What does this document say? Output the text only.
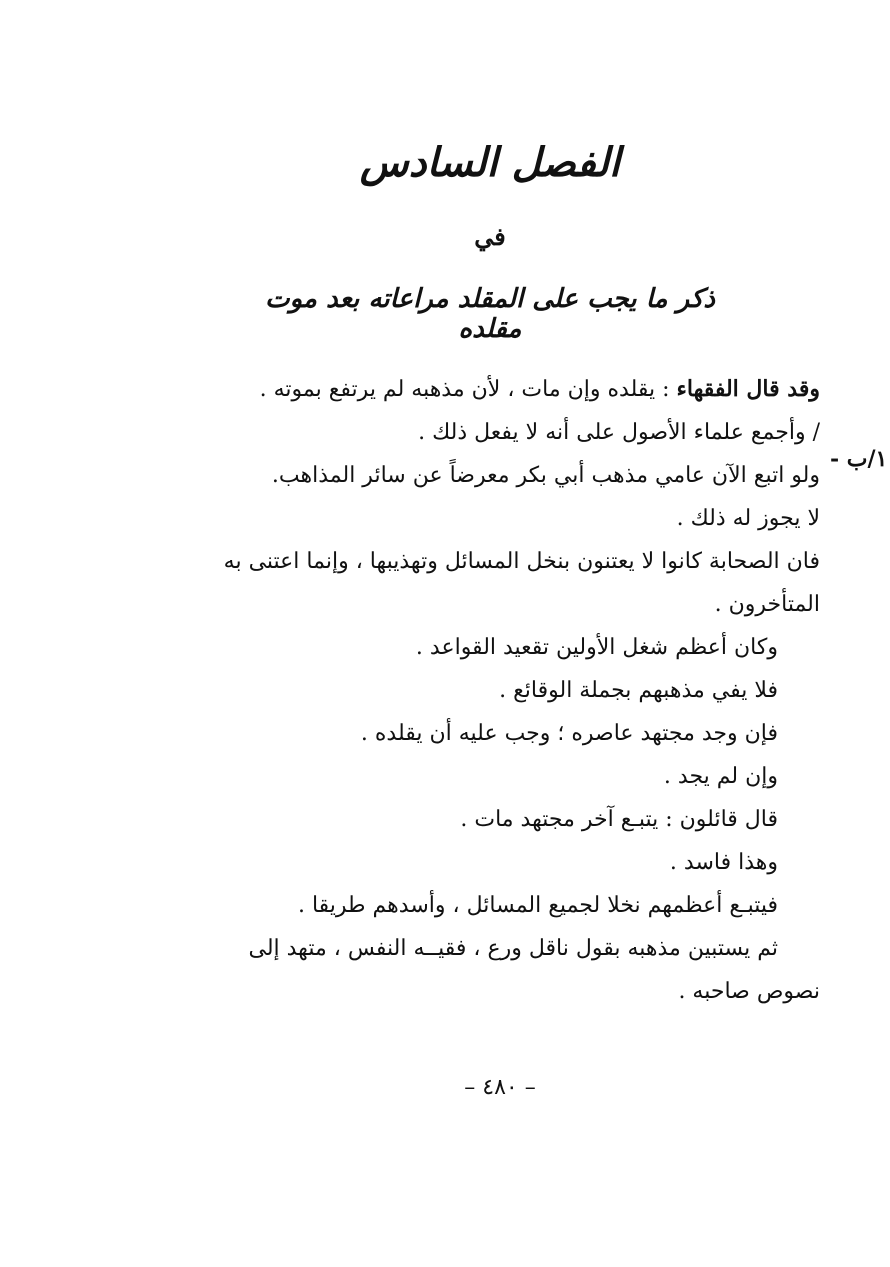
الفصل السادس
في
ذكر ما يجب على المقلد مراعاته بعد موت مقلده
١/ب -
وقد قال الفقهاء : يقلده وإن مات ، لأن مذهبه لم يرتفع بموته .
/ وأجمع علماء الأصول على أنه لا يفعل ذلك .
ولو اتبع الآن عامي مذهب أبي بكر معرضاً عن سائر المذاهب.
لا يجوز له ذلك .
فان الصحابة كانوا لا يعتنون بنخل المسائل وتهذيبها ، وإنما اعتنى به
المتأخرون .
وكان أعظم شغل الأولين تقعيد القواعد .
فلا يفي مذهبهم بجملة الوقائع .
فإن وجد مجتهد عاصره ؛ وجب عليه أن يقلده .
وإن لم يجد .
قال قائلون : يتبـع آخر مجتهد مات .
وهذا فاسد .
فيتبـع أعظمهم نخلا لجميع المسائل ، وأسدهم طريقا .
ثم يستبين مذهبه بقول ناقل ورع ، فقيــه النفس ، متهد إلى
نصوص صاحبه .
– ٤٨٠ –
